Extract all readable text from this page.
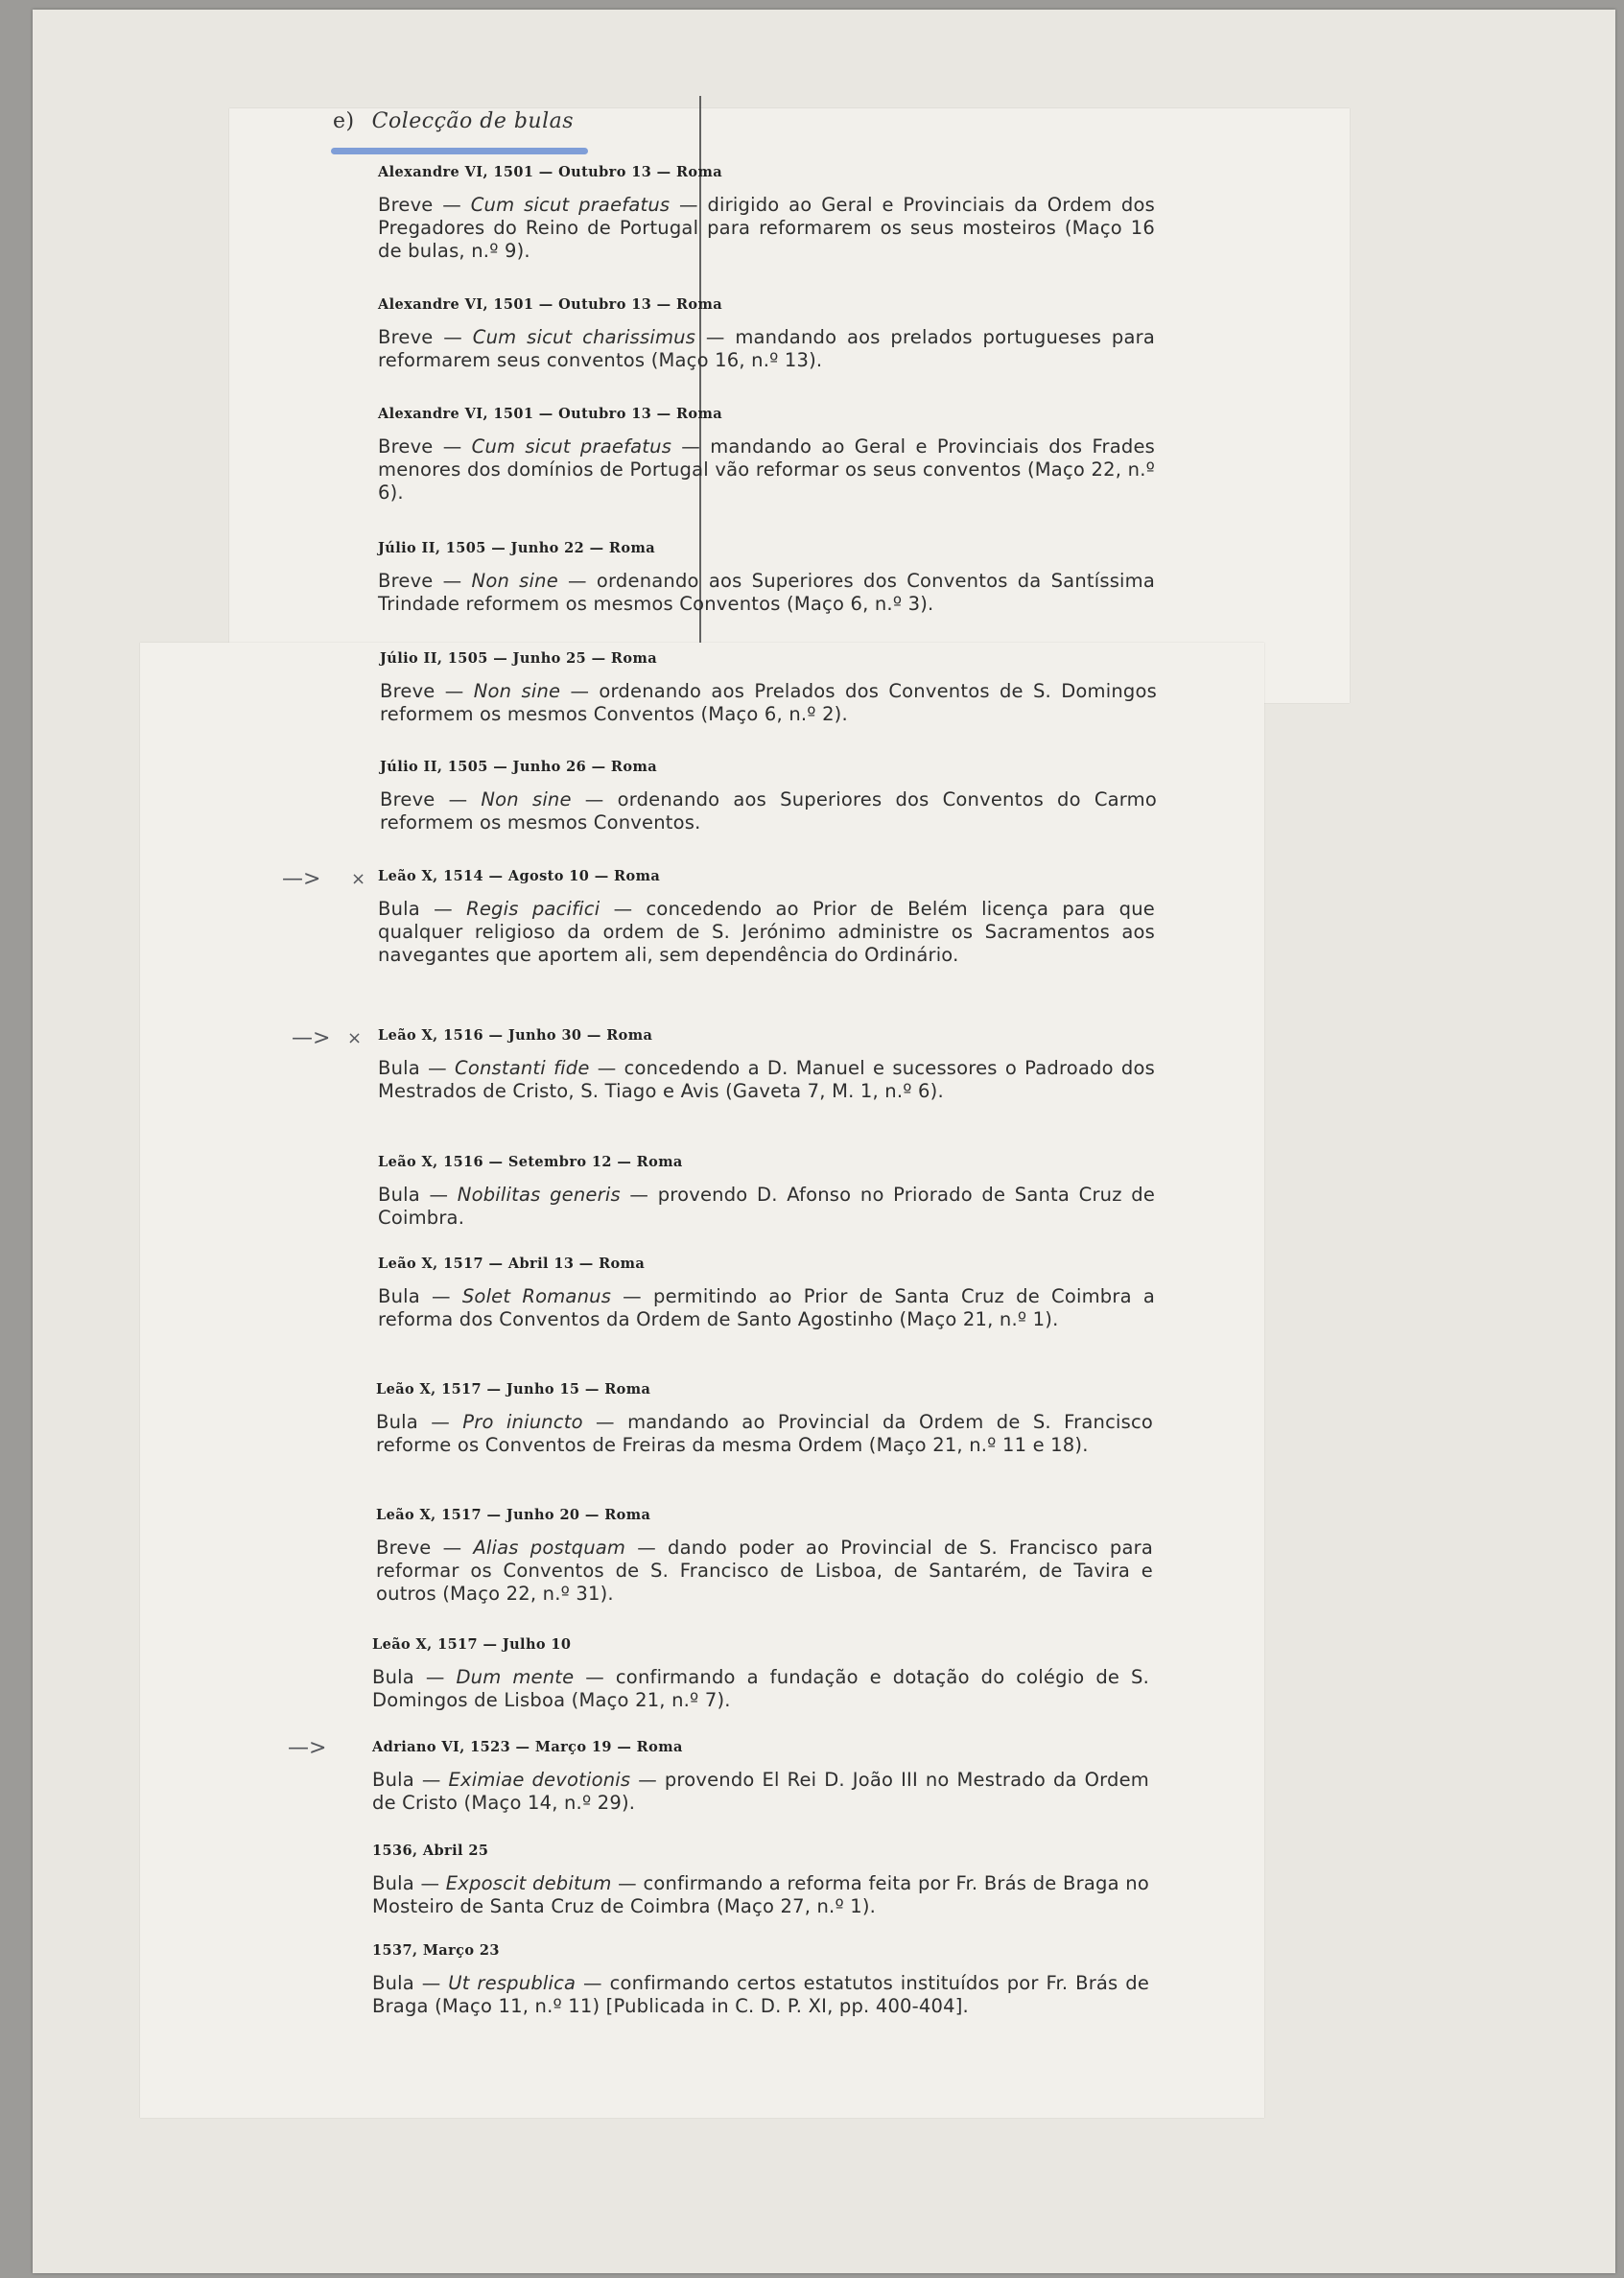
e) Colecção de bulas
Alexandre VI, 1501 — Outubro 13 — Roma
Breve — Cum sicut praefatus — dirigido ao Geral e Provinciais da Ordem dos Pregadores do Reino de Portugal para reformarem os seus mosteiros (Maço 16 de bulas, n.º 9).
Alexandre VI, 1501 — Outubro 13 — Roma
Breve — Cum sicut charissimus — mandando aos prelados portugueses para reformarem seus conventos (Maço 16, n.º 13).
Alexandre VI, 1501 — Outubro 13 — Roma
Breve — Cum sicut praefatus — mandando ao Geral e Provinciais dos Frades menores dos domínios de Portugal vão reformar os seus conventos (Maço 22, n.º 6).
Júlio II, 1505 — Junho 22 — Roma
Breve — Non sine — ordenando aos Superiores dos Conventos da Santíssima Trindade reformem os mesmos Conventos (Maço 6, n.º 3).
Júlio II, 1505 — Junho 25 — Roma
Breve — Non sine — ordenando aos Prelados dos Conventos de S. Domingos reformem os mesmos Conventos (Maço 6, n.º 2).
Júlio II, 1505 — Junho 26 — Roma
Breve — Non sine — ordenando aos Superiores dos Conventos do Carmo reformem os mesmos Conventos.
—> × Leão X, 1514 — Agosto 10 — Roma
Bula — Regis pacifici — concedendo ao Prior de Belém licença para que qualquer religioso da ordem de S. Jerónimo administre os Sacramentos aos navegantes que aportem ali, sem dependência do Ordinário.
—> × Leão X, 1516 — Junho 30 — Roma
Bula — Constanti fide — concedendo a D. Manuel e sucessores o Padroado dos Mestrados de Cristo, S. Tiago e Avis (Gaveta 7, M. 1, n.º 6).
Leão X, 1516 — Setembro 12 — Roma
Bula — Nobilitas generis — provendo D. Afonso no Priorado de Santa Cruz de Coimbra.
Leão X, 1517 — Abril 13 — Roma
Bula — Solet Romanus — permitindo ao Prior de Santa Cruz de Coimbra a reforma dos Conventos da Ordem de Santo Agostinho (Maço 21, n.º 1).
Leão X, 1517 — Junho 15 — Roma
Bula — Pro iniuncto — mandando ao Provincial da Ordem de S. Francisco reforme os Conventos de Freiras da mesma Ordem (Maço 21, n.º 11 e 18).
Leão X, 1517 — Junho 20 — Roma
Breve — Alias postquam — dando poder ao Provincial de S. Francisco para reformar os Conventos de S. Francisco de Lisboa, de Santarém, de Tavira e outros (Maço 22, n.º 31).
Leão X, 1517 — Julho 10
Bula — Dum mente — confirmando a fundação e dotação do colégio de S. Domingos de Lisboa (Maço 21, n.º 7).
—>	Adriano VI, 1523 — Março 19 — Roma
Bula — Eximiae devotionis — provendo El Rei D. João III no Mestrado da Ordem de Cristo (Maço 14, n.º 29).
1536, Abril 25
Bula — Exposcit debitum — confirmando a reforma feita por Fr. Brás de Braga no Mosteiro de Santa Cruz de Coimbra (Maço 27, n.º 1).
1537, Março 23
Bula — Ut respublica — confirmando certos estatutos instituídos por Fr. Brás de Braga (Maço 11, n.º 11) [Publicada in C. D. P. XI, pp. 400-404].
